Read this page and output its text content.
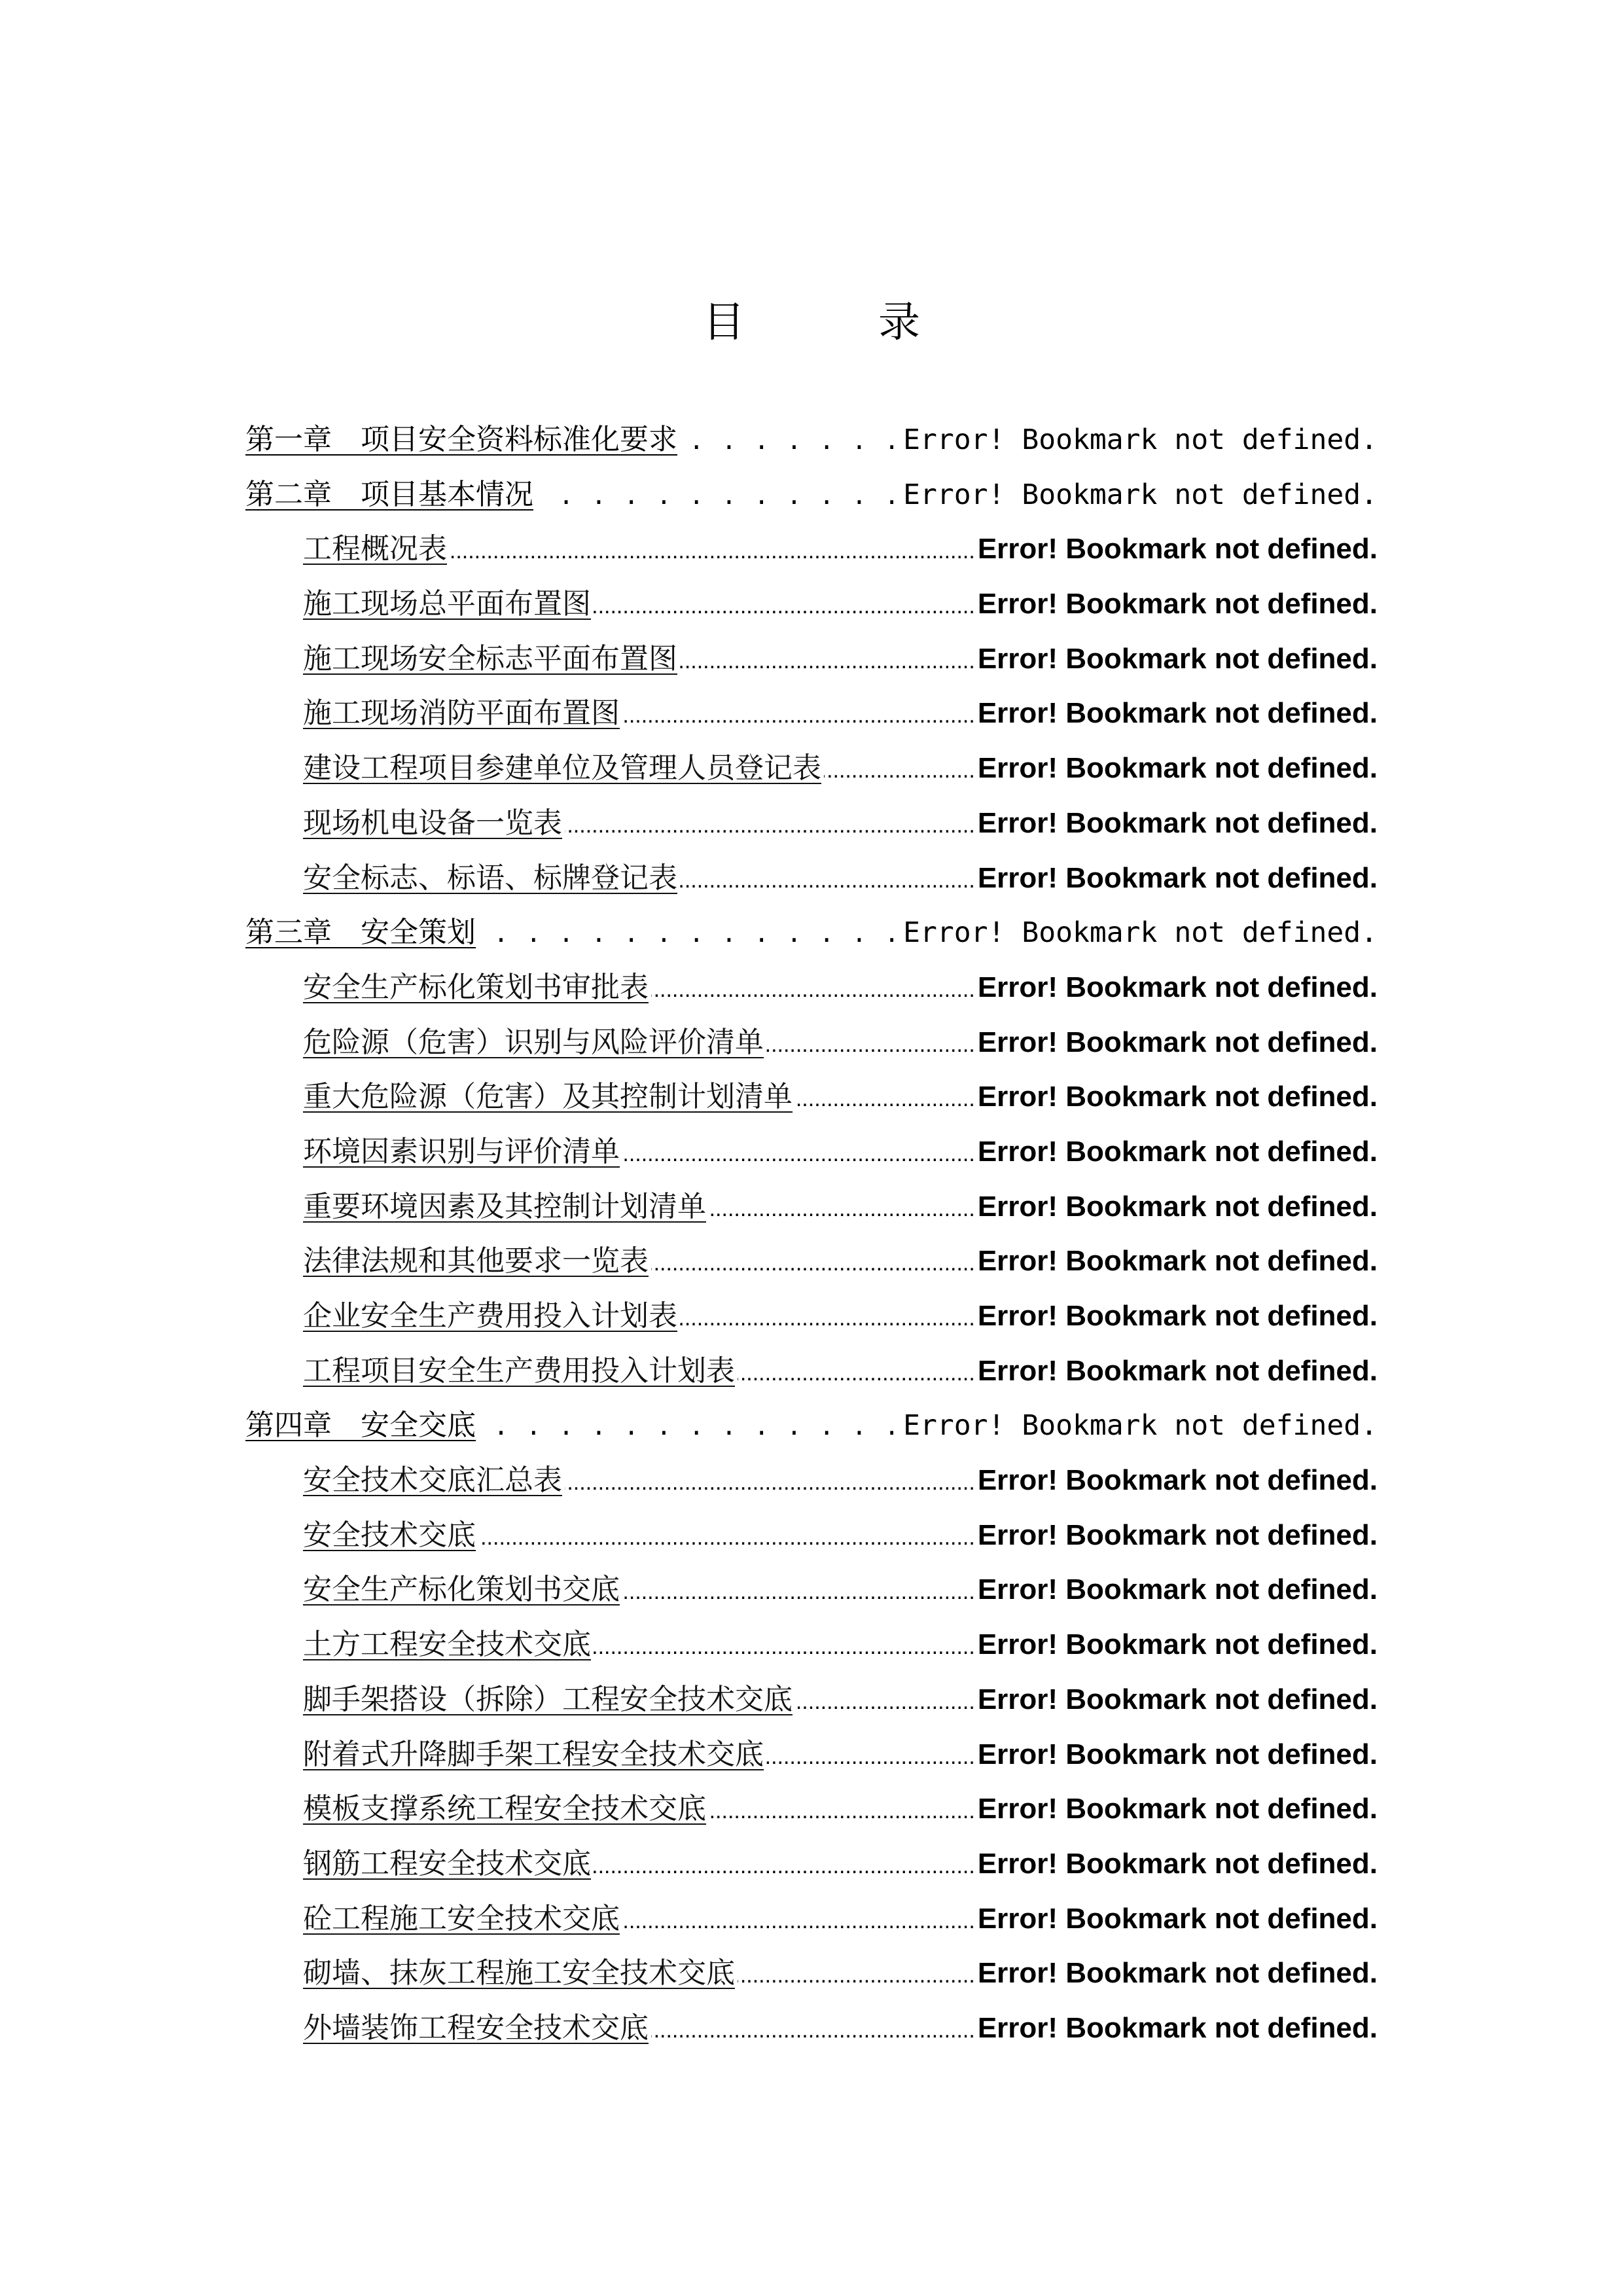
目　录
第一章　项目安全资料标准化要求 . . .	Error! Bookmark not defined.
第二章　项目基本情况 . . .	Error! Bookmark not defined.
工程概况表 .....	Error! Bookmark not defined.
施工现场总平面布置图 .....	Error! Bookmark not defined.
施工现场安全标志平面布置图 .....	Error! Bookmark not defined.
施工现场消防平面布置图 .....	Error! Bookmark not defined.
建设工程项目参建单位及管理人员登记表 .....	Error! Bookmark not defined.
现场机电设备一览表 .....	Error! Bookmark not defined.
安全标志、标语、标牌登记表 .....	Error! Bookmark not defined.
第三章　安全策划 . . .	Error! Bookmark not defined.
安全生产标化策划书审批表 .....	Error! Bookmark not defined.
危险源（危害）识别与风险评价清单 .....	Error! Bookmark not defined.
重大危险源（危害）及其控制计划清单 .....	Error! Bookmark not defined.
环境因素识别与评价清单 .....	Error! Bookmark not defined.
重要环境因素及其控制计划清单 .....	Error! Bookmark not defined.
法律法规和其他要求一览表 .....	Error! Bookmark not defined.
企业安全生产费用投入计划表 .....	Error! Bookmark not defined.
工程项目安全生产费用投入计划表 .....	Error! Bookmark not defined.
第四章　安全交底 . . .	Error! Bookmark not defined.
安全技术交底汇总表 .....	Error! Bookmark not defined.
安全技术交底 .....	Error! Bookmark not defined.
安全生产标化策划书交底 .....	Error! Bookmark not defined.
土方工程安全技术交底 .....	Error! Bookmark not defined.
脚手架搭设（拆除）工程安全技术交底 .....	Error! Bookmark not defined.
附着式升降脚手架工程安全技术交底 .....	Error! Bookmark not defined.
模板支撑系统工程安全技术交底 .....	Error! Bookmark not defined.
钢筋工程安全技术交底 .....	Error! Bookmark not defined.
砼工程施工安全技术交底 .....	Error! Bookmark not defined.
砌墙、抹灰工程施工安全技术交底 .....	Error! Bookmark not defined.
外墙装饰工程安全技术交底 .....	Error! Bookmark not defined.
